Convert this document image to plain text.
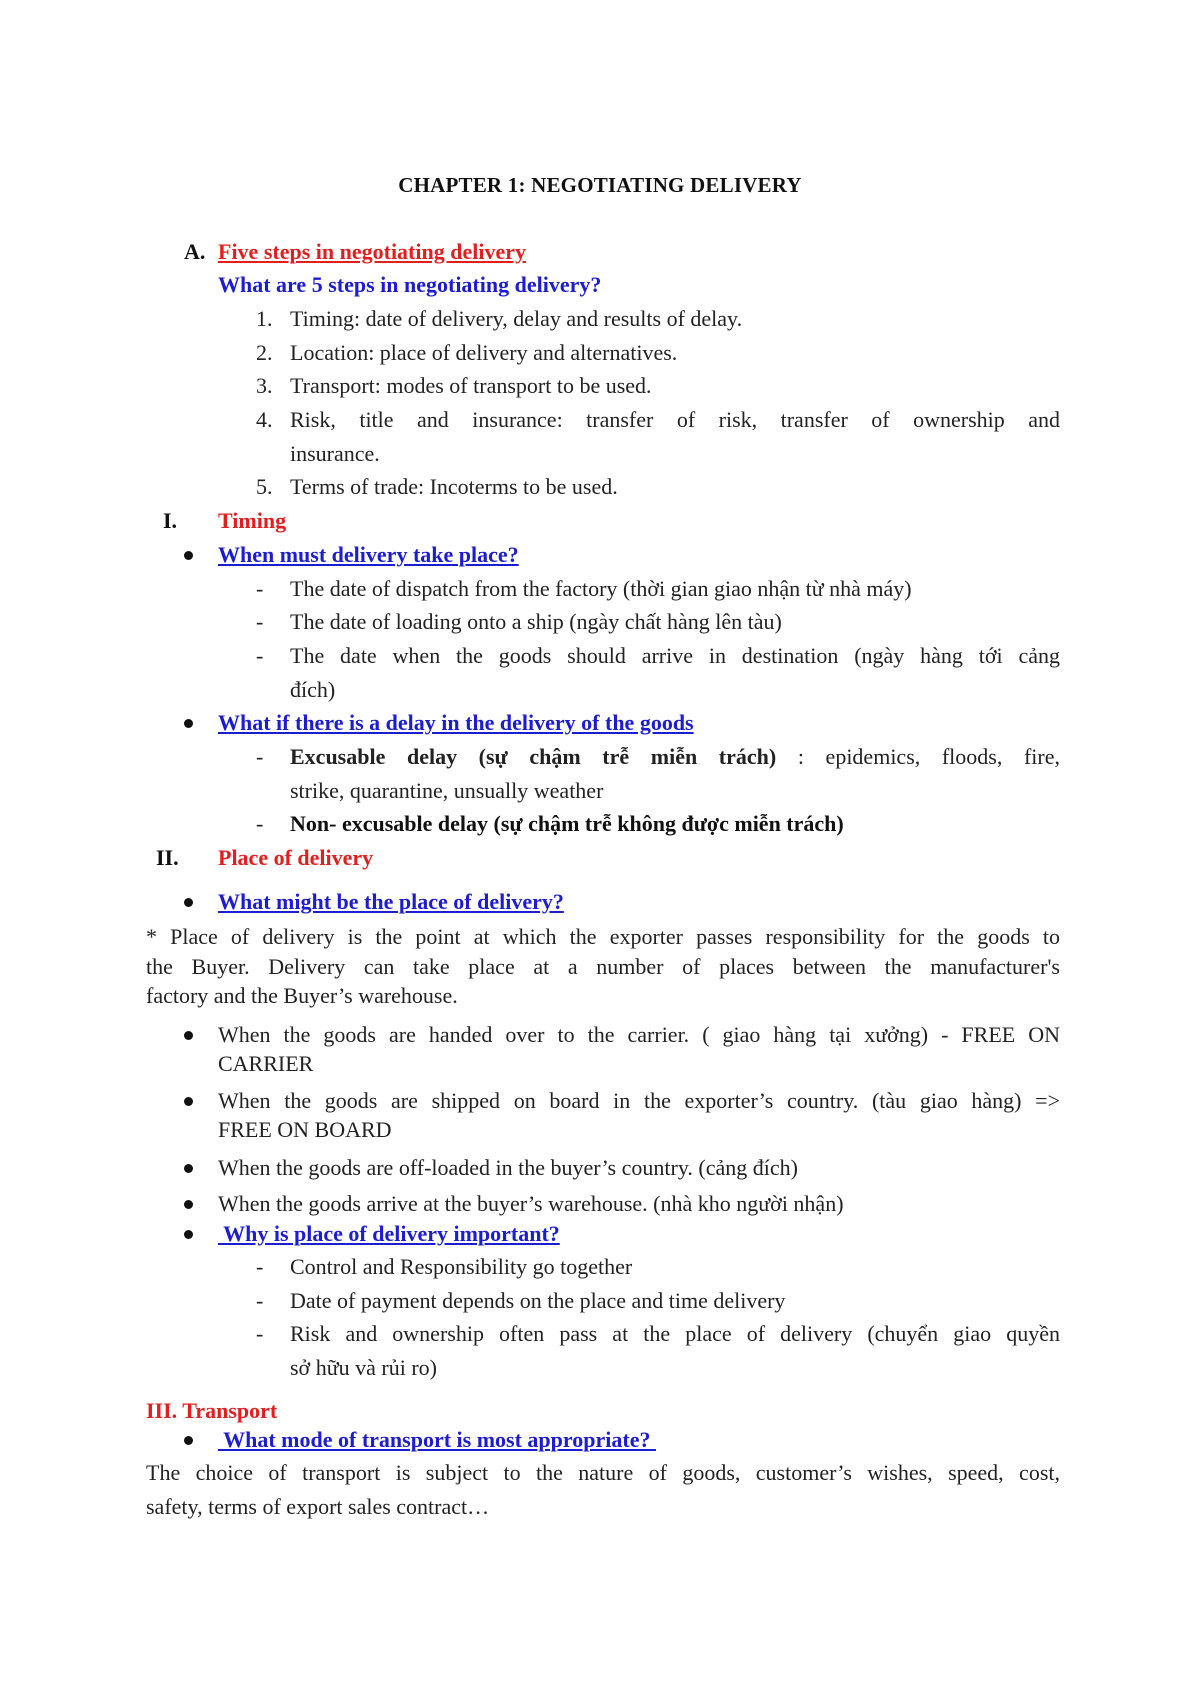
CHAPTER 1: NEGOTIATING DELIVERY
A. Five steps in negotiating delivery
What are 5 steps in negotiating delivery?
1. Timing: date of delivery, delay and results of delay.
2. Location: place of delivery and alternatives.
3. Transport: modes of transport to be used.
4. Risk, title and insurance: transfer of risk, transfer of ownership and
insurance.
5. Terms of trade: Incoterms to be used.
I. Timing
When must delivery take place?
- The date of dispatch from the factory (thời gian giao nhận từ nhà máy)
- The date of loading onto a ship (ngày chất hàng lên tàu)
- The date when the goods should arrive in destination (ngày hàng tới cảng
đích)
What if there is a delay in the delivery of the goods
- Excusable delay (sự chậm trễ miễn trách) : epidemics, floods, fire,
strike, quarantine, unsually weather
- Non- excusable delay (sự chậm trễ không được miễn trách)
II. Place of delivery
What might be the place of delivery?
* Place of delivery is the point at which the exporter passes responsibility for the goods to
the Buyer. Delivery can take place at a number of places between the manufacturer's
factory and the Buyer’s warehouse.
When the goods are handed over to the carrier. ( giao hàng tại xưởng) - FREE ON
CARRIER
When the goods are shipped on board in the exporter’s country. (tàu giao hàng) =>
FREE ON BOARD
When the goods are off-loaded in the buyer’s country. (cảng đích)
When the goods arrive at the buyer’s warehouse. (nhà kho người nhận)
Why is place of delivery important?
- Control and Responsibility go together
- Date of payment depends on the place and time delivery
- Risk and ownership often pass at the place of delivery (chuyển giao quyền
sở hữu và rủi ro)
III. Transport
What mode of transport is most appropriate?
The choice of transport is subject to the nature of goods, customer’s wishes, speed, cost,
safety, terms of export sales contract…
